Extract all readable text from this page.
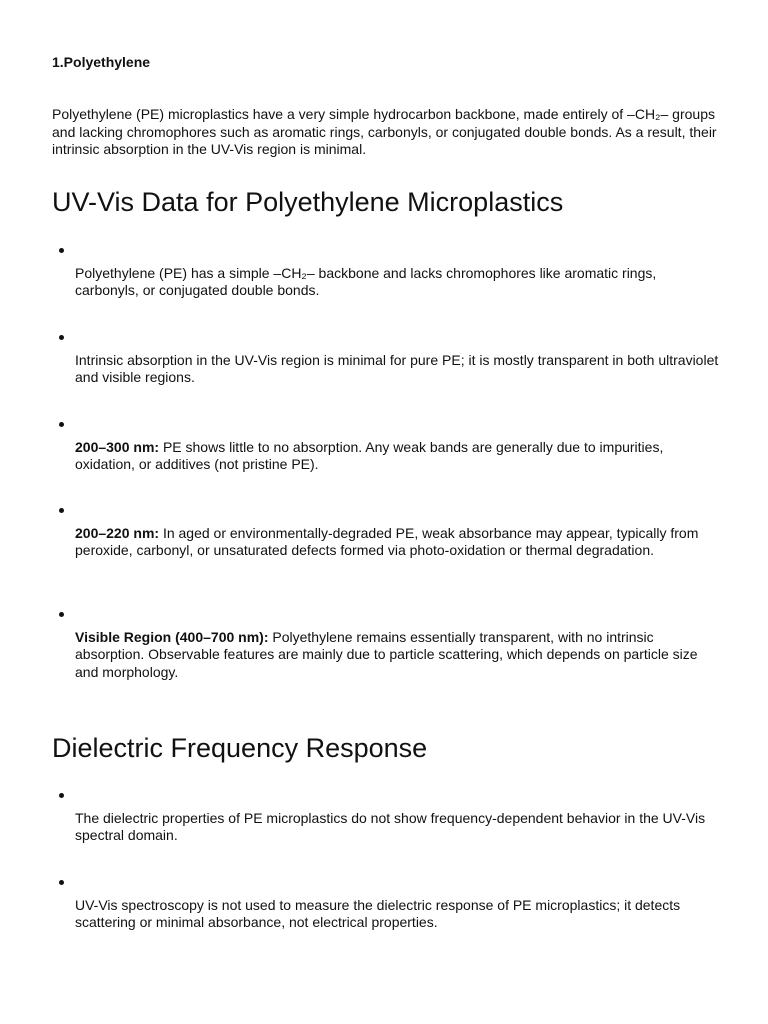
1.Polyethylene

Polyethylene (PE) microplastics have a very simple hydrocarbon backbone, made entirely of –CH₂– groups and lacking chromophores such as aromatic rings, carbonyls, or conjugated double bonds. As a result, their intrinsic absorption in the UV-Vis region is minimal.

UV-Vis Data for Polyethylene Microplastics

Polyethylene (PE) has a simple –CH₂– backbone and lacks chromophores like aromatic rings, carbonyls, or conjugated double bonds.

Intrinsic absorption in the UV-Vis region is minimal for pure PE; it is mostly transparent in both ultraviolet and visible regions.

200–300 nm: PE shows little to no absorption. Any weak bands are generally due to impurities, oxidation, or additives (not pristine PE).

200–220 nm: In aged or environmentally-degraded PE, weak absorbance may appear, typically from peroxide, carbonyl, or unsaturated defects formed via photo-oxidation or thermal degradation.

Visible Region (400–700 nm): Polyethylene remains essentially transparent, with no intrinsic absorption. Observable features are mainly due to particle scattering, which depends on particle size and morphology.

Dielectric Frequency Response

The dielectric properties of PE microplastics do not show frequency-dependent behavior in the UV-Vis spectral domain.

UV-Vis spectroscopy is not used to measure the dielectric response of PE microplastics; it detects scattering or minimal absorbance, not electrical properties.
